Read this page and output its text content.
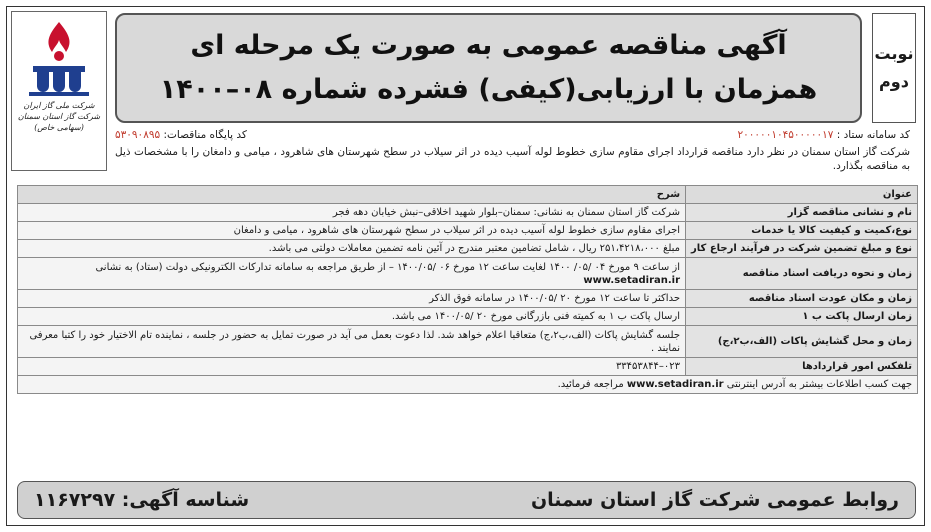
نوبت
دوم
آگهی مناقصه عمومی به صورت یک مرحله ای
همزمان با ارزیابی(کیفی) فشرده شماره ۰۸–۱۴۰۰
شرکت ملی گاز ایران
شرکت گاز استان سمنان
(سهامی خاص)
کد سامانه ستاد : ۲۰۰۰۰۰۱۰۴۵۰۰۰۰۰۱۷
کد پایگاه مناقصات: ۵۳۰۹۰۸۹۵
شرکت گاز استان سمنان در نظر دارد مناقصه قرارداد اجرای مقاوم سازی خطوط لوله آسیب دیده در اثر سیلاب در سطح شهرستان های شاهرود ، میامی و دامغان را با مشخصات ذیل به مناقصه بگذارد.
عنوان	شرح
نام و نشانی مناقصه گزار	شرکت گاز استان سمنان به نشانی: سمنان–بلوار شهید اخلاقی–نبش خیابان دهه فجر
نوع،کمیت و کیفیت کالا یا خدمات	اجرای مقاوم سازی خطوط لوله آسیب دیده در اثر سیلاب در سطح شهرستان های شاهرود ، میامی و دامغان
نوع و مبلغ تضمین شرکت در فرآیند ارجاع کار	مبلغ ۲۵۱،۴۲۱۸،۰۰۰ ریال ، شامل تضامین معتبر مندرج در آئین نامه تضمین معاملات دولتی می باشد.
زمان و نحوه دریافت اسناد مناقصه	از ساعت ۹ مورخ ۰۴ /۰۵/ ۱۴۰۰ لغایت ساعت ۱۲ مورخ ۰۶ /۱۴۰۰/۰۵ – از طریق مراجعه به سامانه تدارکات الکترونیکی دولت (ستاد) به نشانی www.setadiran.ir
زمان و مکان عودت اسناد مناقصه	حداکثر تا ساعت ۱۲ مورخ ۲۰ /۱۴۰۰/۰۵ در سامانه فوق الذکر
زمان ارسال پاکت ب ۱	ارسال پاکت ب ۱ به کمیته فنی بازرگانی مورخ ۲۰ /۱۴۰۰/۰۵ می باشد.
زمان و محل گشایش پاکات (الف،ب۲،ج)	جلسه گشایش پاکات (الف،ب۲،ج) متعاقبا اعلام خواهد شد. لذا دعوت بعمل می آید در صورت تمایل به حضور در جلسه ، نماینده تام الاختیار خود را کتبا معرفی نمایند .
تلفکس امور قراردادها	۰۲۳–۳۳۴۵۳۸۴۴
جهت کسب اطلاعات بیشتر به آدرس اینترنتی www.setadiran.ir مراجعه فرمائید.	
روابط عمومی شرکت گاز استان سمنان
شناسه آگهی: ۱۱۶۷۲۹۷
